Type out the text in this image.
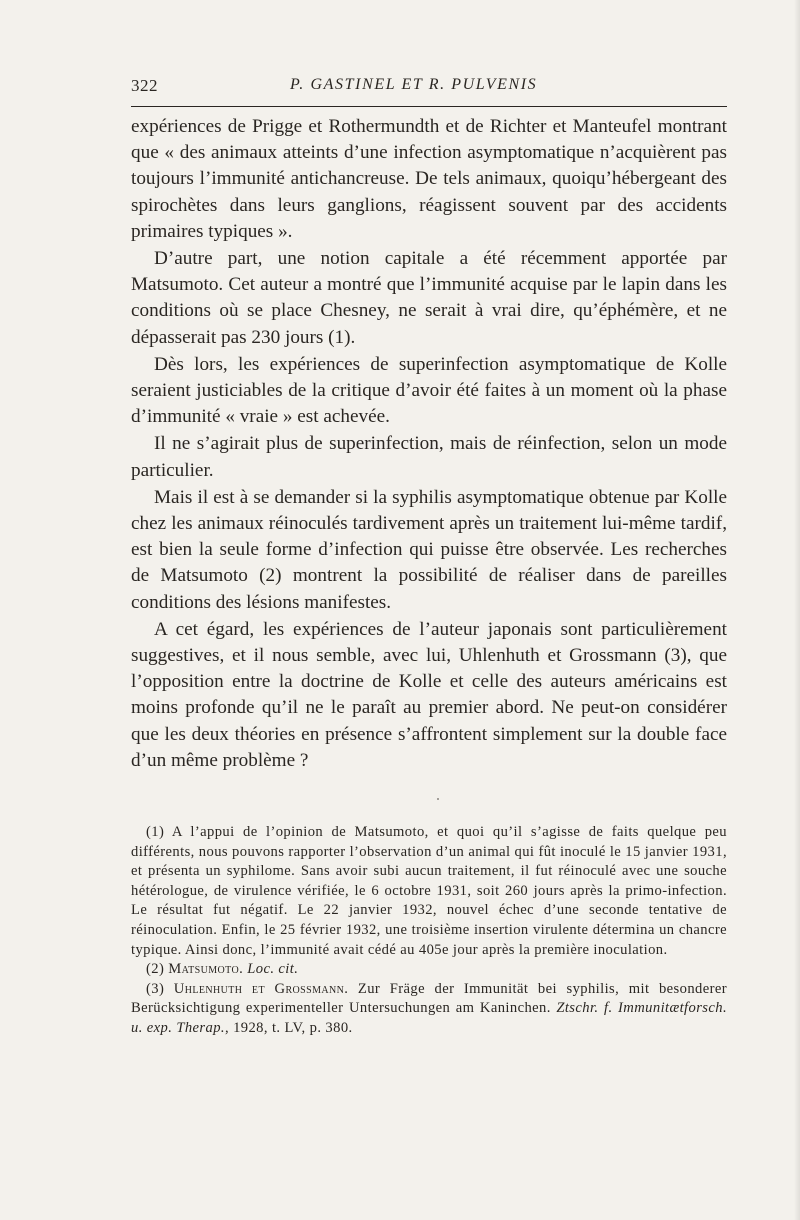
322	P. GASTINEL ET R. PULVENIS

expériences de Prigge et Rothermundth et de Richter et Manteufel montrant que « des animaux atteints d’une infection asymptomatique n’acquièrent pas toujours l’immunité antichancreuse. De tels animaux, quoiqu’hébergeant des spirochètes dans leurs ganglions, réagissent souvent par des accidents primaires typiques ».

D’autre part, une notion capitale a été récemment apportée par Matsumoto. Cet auteur a montré que l’immunité acquise par le lapin dans les conditions où se place Chesney, ne serait à vrai dire, qu’éphémère, et ne dépasserait pas 230 jours (1).

Dès lors, les expériences de superinfection asymptomatique de Kolle seraient justiciables de la critique d’avoir été faites à un moment où la phase d’immunité « vraie » est achevée.

Il ne s’agirait plus de superinfection, mais de réinfection, selon un mode particulier.

Mais il est à se demander si la syphilis asymptomatique obtenue par Kolle chez les animaux réinoculés tardivement après un traitement lui-même tardif, est bien la seule forme d’infection qui puisse être observée. Les recherches de Matsumoto (2) montrent la possibilité de réaliser dans de pareilles conditions des lésions manifestes.

A cet égard, les expériences de l’auteur japonais sont particulièrement suggestives, et il nous semble, avec lui, Uhlenhuth et Grossmann (3), que l’opposition entre la doctrine de Kolle et celle des auteurs américains est moins profonde qu’il ne le paraît au premier abord. Ne peut-on considérer que les deux théories en présence s’affrontent simplement sur la double face d’un même problème ?

(1) A l’appui de l’opinion de Matsumoto, et quoi qu’il s’agisse de faits quelque peu différents, nous pouvons rapporter l’observation d’un animal qui fût inoculé le 15 janvier 1931, et présenta un syphilome. Sans avoir subi aucun traitement, il fut réinoculé avec une souche hétérologue, de virulence vérifiée, le 6 octobre 1931, soit 260 jours après la primo-infection. Le résultat fut négatif. Le 22 janvier 1932, nouvel échec d’une seconde tentative de réinoculation. Enfin, le 25 février 1932, une troisième insertion virulente détermina un chancre typique. Ainsi donc, l’immunité avait cédé au 405e jour après la première inoculation.

(2) Matsumoto. Loc. cit.

(3) Uhlenhuth et Grossmann. Zur Fräge der Immunität bei syphilis, mit besonderer Berücksichtigung experimenteller Untersuchungen am Kaninchen. Ztschr. f. Immunitætforsch. u. exp. Therap., 1928, t. LV, p. 380.
